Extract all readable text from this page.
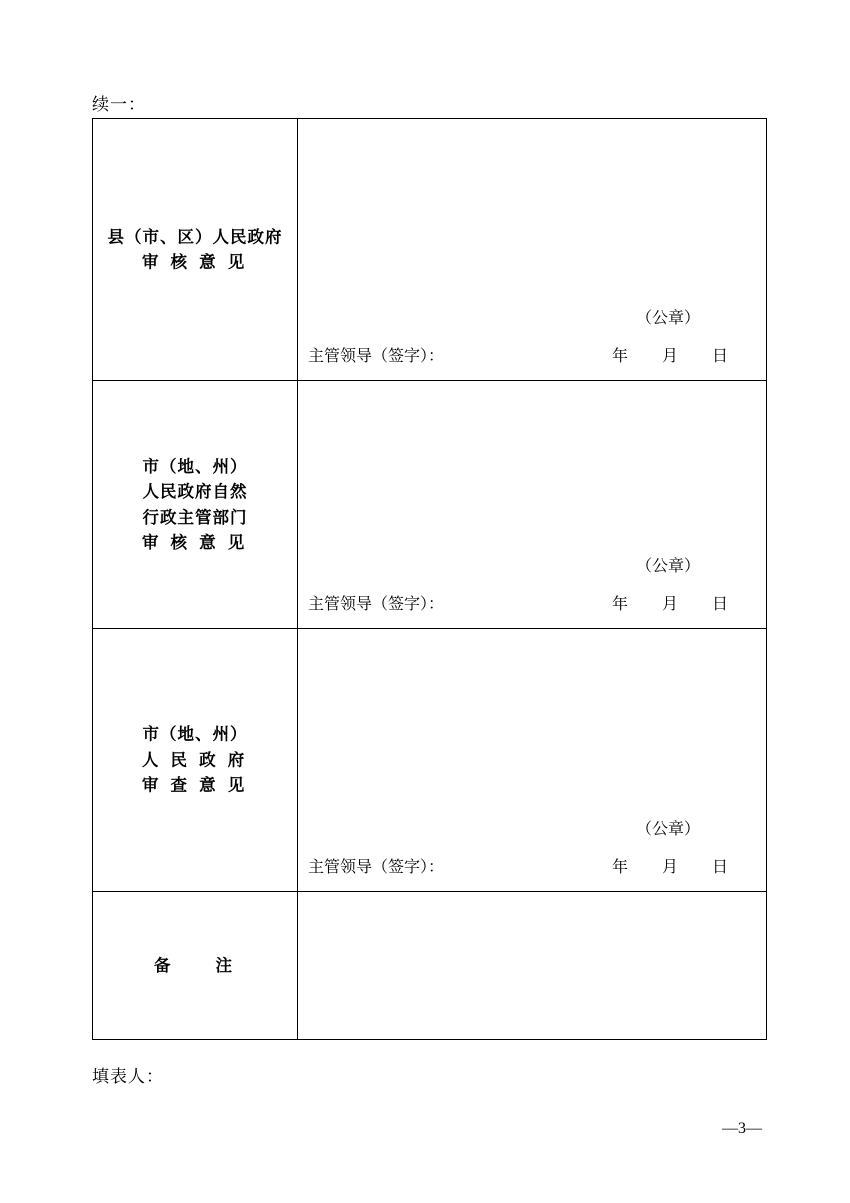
续一：
县（市、区）人民政府
审 核 意 见

（公章）
主管领导（签字）：	年 月 日

市（地、州）
人民政府自然
行政主管部门
审 核 意 见

（公章）
主管领导（签字）：	年 月 日

市（地、州）
人 民 政 府
审 查 意 见

（公章）
主管领导（签字）：	年 月 日

备　　注	

填表人：
—3—
